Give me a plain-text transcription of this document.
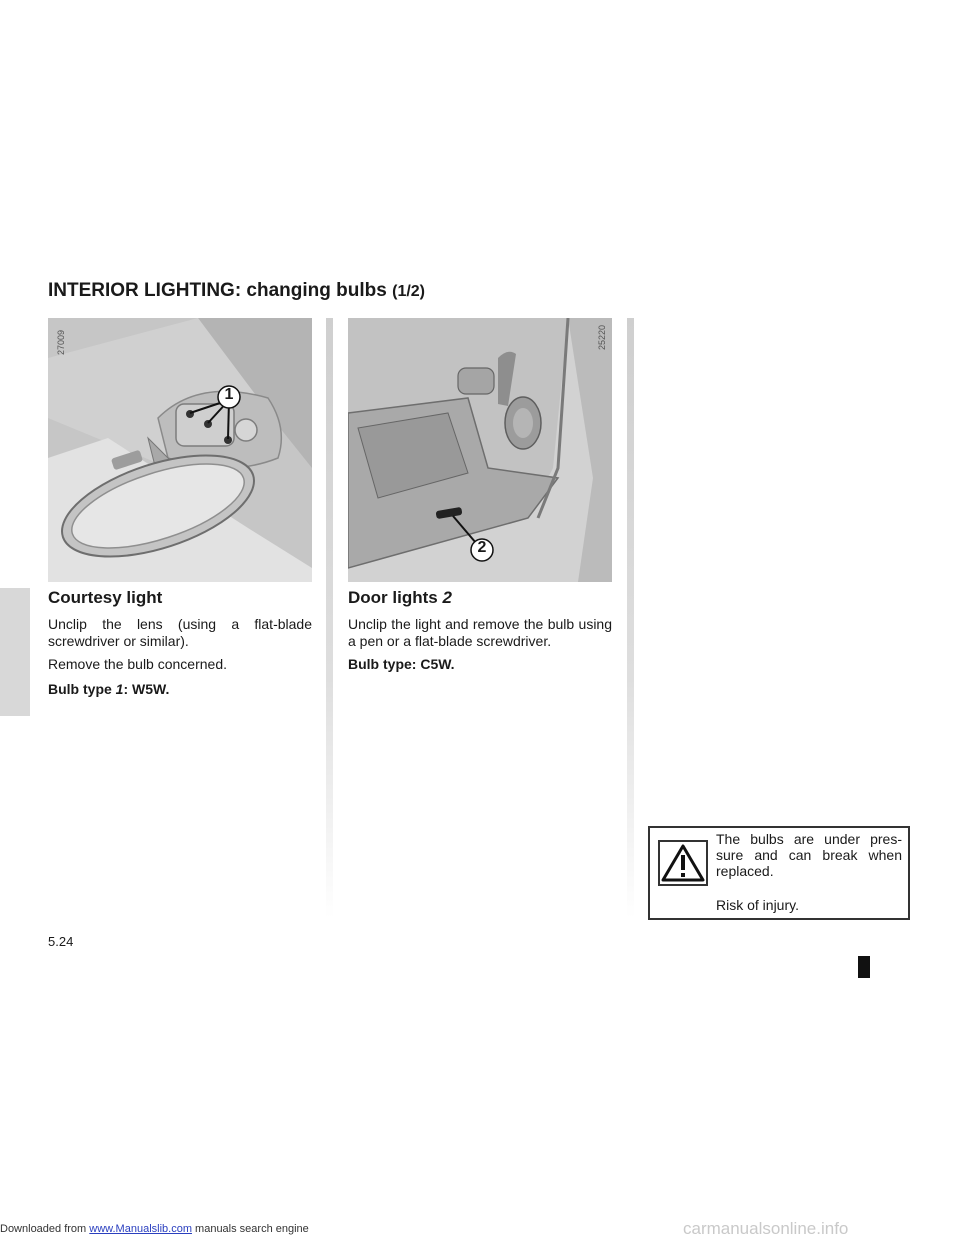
INTERIOR LIGHTING: changing bulbs (1/2)
1
27009
2
25220
Courtesy light
Unclip the lens (using a flat-blade screwdriver or similar).
Remove the bulb concerned.
Bulb type 1: W5W.
Door lights 2
Unclip the light and remove the bulb using a pen or a flat-blade screwdriver.
Bulb type: C5W.
The bulbs are under pres-sure and can break when replaced.
Risk of injury.
5.24
Downloaded from www.Manualslib.com manuals search engine	carmanualsonline.info
